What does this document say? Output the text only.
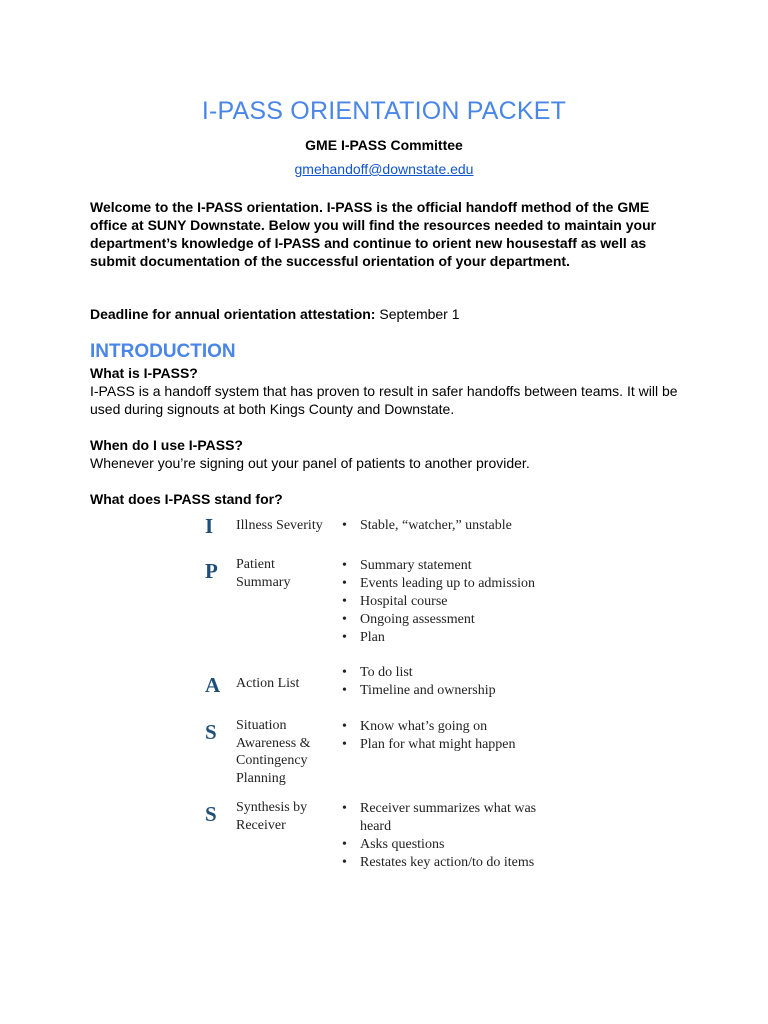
I-PASS ORIENTATION PACKET
GME I-PASS Committee
gmehandoff@downstate.edu
Welcome to the I-PASS orientation. I-PASS is the official handoff method of the GME office at SUNY Downstate. Below you will find the resources needed to maintain your department’s knowledge of I-PASS and continue to orient new housestaff as well as submit documentation of the successful orientation of your department.
Deadline for annual orientation attestation: September 1
INTRODUCTION
What is I-PASS?
I-PASS is a handoff system that has proven to result in safer handoffs between teams. It will be used during signouts at both Kings County and Downstate.
When do I use I-PASS?
Whenever you’re signing out your panel of patients to another provider.
What does I-PASS stand for?
I Illness Severity
•	Stable, “watcher,” unstable
P Patient Summary
• Summary statement
• Events leading up to admission
• Hospital course
• Ongoing assessment
• Plan
A Action List
• To do list
• Timeline and ownership
S Situation Awareness & Contingency Planning
• Know what’s going on
• Plan for what might happen
S Synthesis by Receiver
• Receiver summarizes what was heard
• Asks questions
• Restates key action/to do items
